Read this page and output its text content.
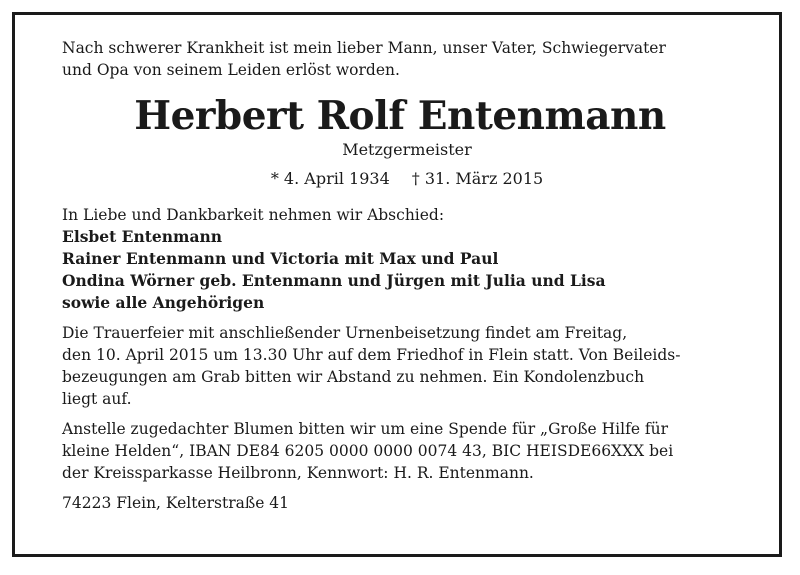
Nach schwerer Krankheit ist mein lieber Mann, unser Vater, Schwiegervater

und Opa von seinem Leiden erlöst worden.

Herbert Rolf Entenmann
Metzgermeister
* 4. April 1934 † 31. März 2015

In Liebe und Dankbarkeit nehmen wir Abschied:

Elsbet Entenmann

Rainer Entenmann und Victoria mit Max und Paul

Ondina Wörner geb. Entenmann und Jürgen mit Julia und Lisa

sowie alle Angehörigen

Die Trauerfeier mit anschließender Urnenbeisetzung findet am Freitag,

den 10. April 2015 um 13.30 Uhr auf dem Friedhof in Flein statt. Von Beileids-

bezeugungen am Grab bitten wir Abstand zu nehmen. Ein Kondolenzbuch

liegt auf.

Anstelle zugedachter Blumen bitten wir um eine Spende für „Große Hilfe für

kleine Helden“, IBAN DE84 6205 0000 0000 0074 43, BIC HEISDE66XXX bei

der Kreissparkasse Heilbronn, Kennwort: H. R. Entenmann.

74223 Flein, Kelterstraße 41
